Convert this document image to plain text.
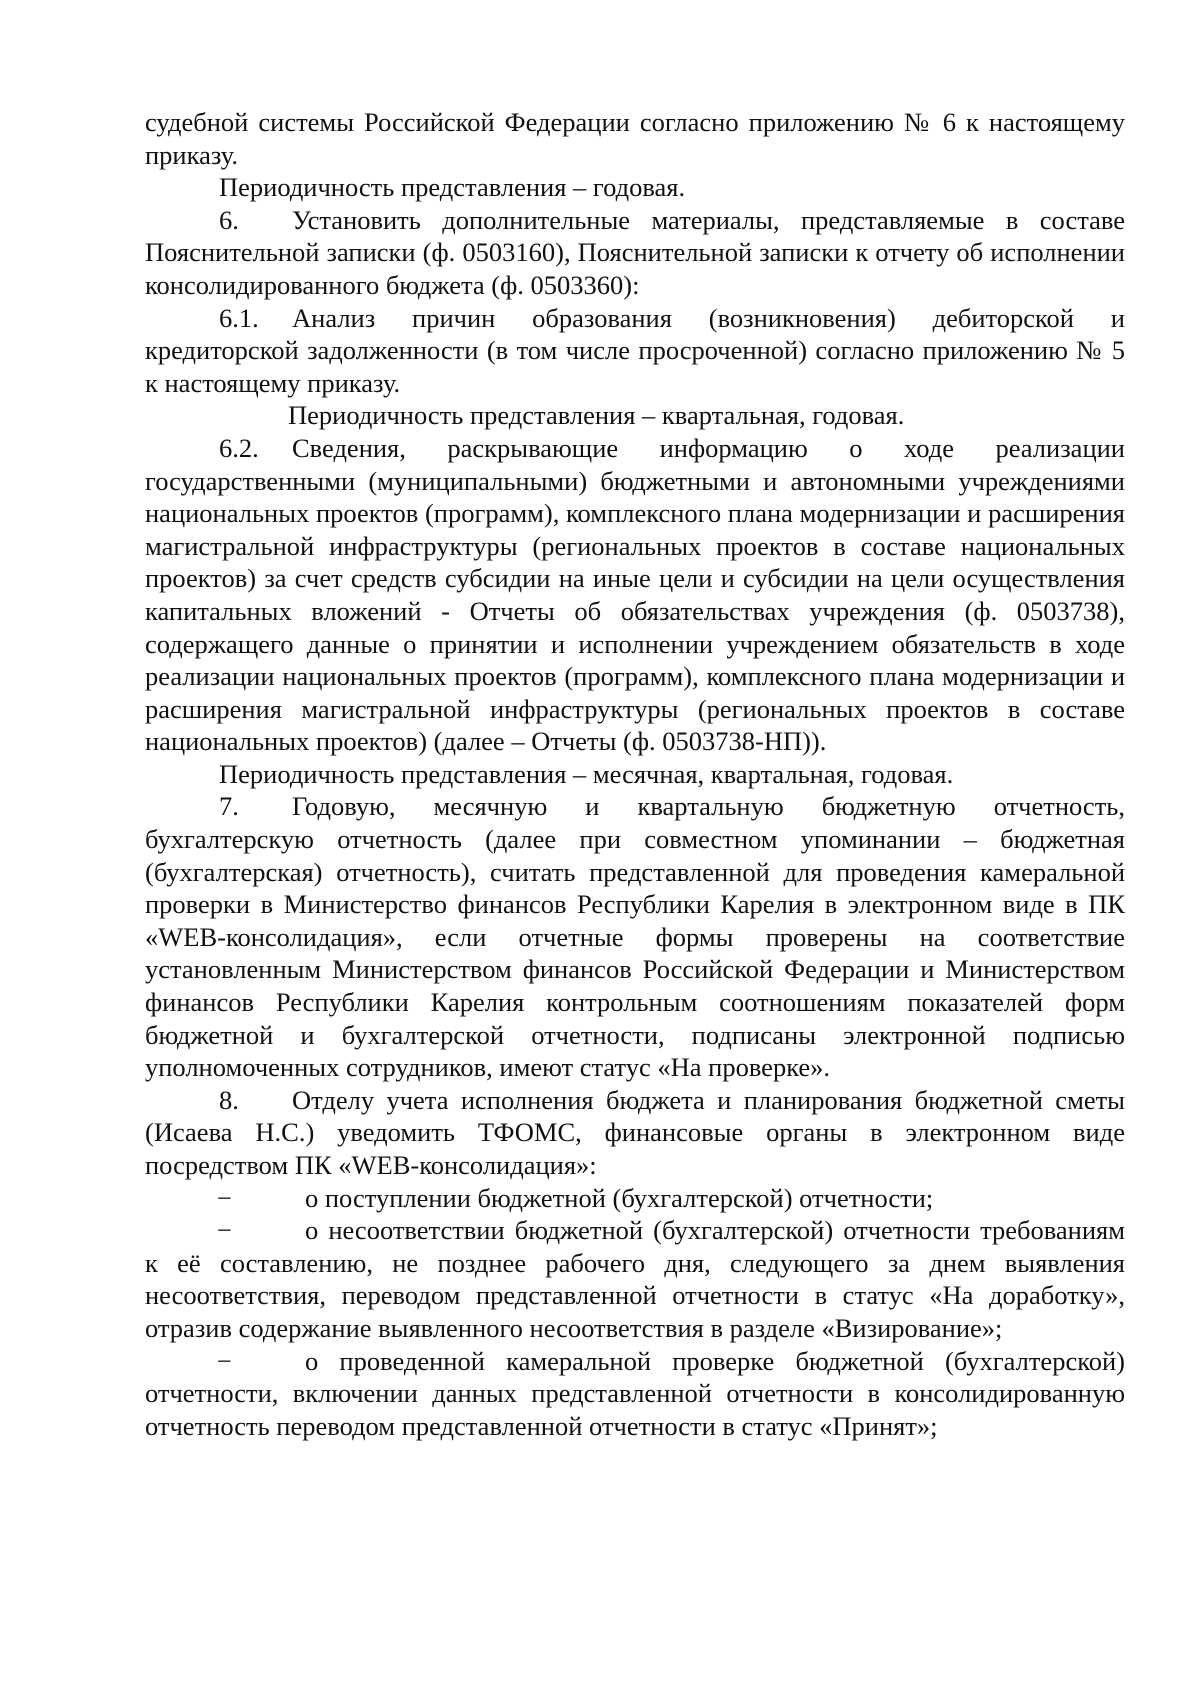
судебной системы Российской Федерации согласно приложению № 6 к настоящему приказу.

Периодичность представления – годовая.

6. Установить дополнительные материалы, представляемые в составе Пояснительной записки (ф. 0503160), Пояснительной записки к отчету об исполнении консолидированного бюджета (ф. 0503360):

6.1. Анализ причин образования (возникновения) дебиторской и кредиторской задолженности (в том числе просроченной) согласно приложению № 5 к настоящему приказу.

Периодичность представления – квартальная, годовая.

6.2. Сведения, раскрывающие информацию о ходе реализации государственными (муниципальными) бюджетными и автономными учреждениями национальных проектов (программ), комплексного плана модернизации и расширения магистральной инфраструктуры (региональных проектов в составе национальных проектов) за счет средств субсидии на иные цели и субсидии на цели осуществления капитальных вложений - Отчеты об обязательствах учреждения (ф. 0503738), содержащего данные о принятии и исполнении учреждением обязательств в ходе реализации национальных проектов (программ), комплексного плана модернизации и расширения магистральной инфраструктуры (региональных проектов в составе национальных проектов) (далее – Отчеты (ф. 0503738-НП)).

Периодичность представления – месячная, квартальная, годовая.

7. Годовую, месячную и квартальную бюджетную отчетность, бухгалтерскую отчетность (далее при совместном упоминании – бюджетная (бухгалтерская) отчетность), считать представленной для проведения камеральной проверки в Министерство финансов Республики Карелия в электронном виде в ПК «WEB-консолидация», если отчетные формы проверены на соответствие установленным Министерством финансов Российской Федерации и Министерством финансов Республики Карелия контрольным соотношениям показателей форм бюджетной и бухгалтерской отчетности, подписаны электронной подписью уполномоченных сотрудников, имеют статус «На проверке».

8. Отделу учета исполнения бюджета и планирования бюджетной сметы (Исаева Н.С.) уведомить ТФОМС, финансовые органы в электронном виде посредством ПК «WEB-консолидация»:

−	о поступлении бюджетной (бухгалтерской) отчетности;

−	о несоответствии бюджетной (бухгалтерской) отчетности требованиям к её составлению, не позднее рабочего дня, следующего за днем выявления несоответствия, переводом представленной отчетности в статус «На доработку», отразив содержание выявленного несоответствия в разделе «Визирование»;

−	о проведенной камеральной проверке бюджетной (бухгалтерской) отчетности, включении данных представленной отчетности в консолидированную отчетность переводом представленной отчетности в статус «Принят»;
